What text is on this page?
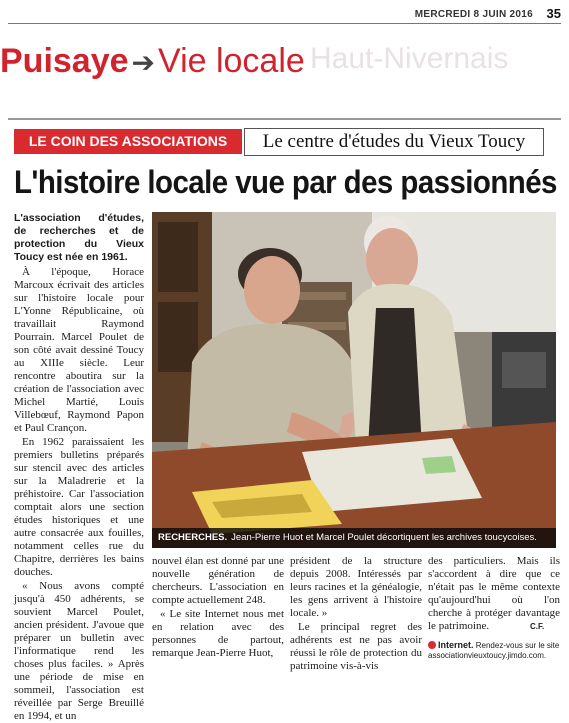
MERCREDI 8 JUIN 2016 35
Haut-Nivernais
Puisaye ➔Vie locale
LE COIN DES ASSOCIATIONS	Le centre d'études du Vieux Toucy
L'histoire locale vue par des passionnés
L'association d'études, de recherches et de protection du Vieux Toucy est née en 1961.

À l'époque, Horace Marcoux écrivait des articles sur l'histoire locale pour L'Yonne Républicaine, où travaillait Raymond Pourrain. Marcel Poulet de son côté avait dessiné Toucy au XIIIe siècle. Leur rencontre aboutira sur la création de l'association avec Michel Martié, Louis Villebœuf, Raymond Papon et Paul Crançon.

En 1962 paraissaient les premiers bulletins préparés sur stencil avec des articles sur la Maladrerie et la préhistoire. Car l'association comptait alors une section études historiques et une autre consacrée aux fouilles, notamment celles rue du Chapitre, derrières les bains douches.

« Nous avons compté jusqu'à 450 adhérents, se souvient Marcel Poulet, ancien président. J'avoue que préparer un bulletin avec l'informatique rend les choses plus faciles. » Après une période de mise en sommeil, l'association est réveillée par Serge Breuillé en 1994, et un

RECHERCHES. Jean-Pierre Huot et Marcel Poulet décortiquent les archives toucycoises.

nouvel élan est donné par une nouvelle génération de chercheurs. L'association en compte actuellement 248.

« Le site Internet nous met en relation avec des personnes de partout, remarque Jean-Pierre Huot,

président de la structure depuis 2008. Intéressés par leurs racines et la généalogie, les gens arrivent à l'histoire locale. »

Le principal regret des adhérents est ne pas avoir réussi le rôle de protection du patrimoine vis-à-vis

des particuliers. Mais ils s'accordent à dire que ce n'était pas le même contexte qu'aujourd'hui où l'on cherche à protéger davantage le patrimoine.	C.F.
Internet. Rendez-vous sur le site associationvieuxtoucy.jimdo.com.
